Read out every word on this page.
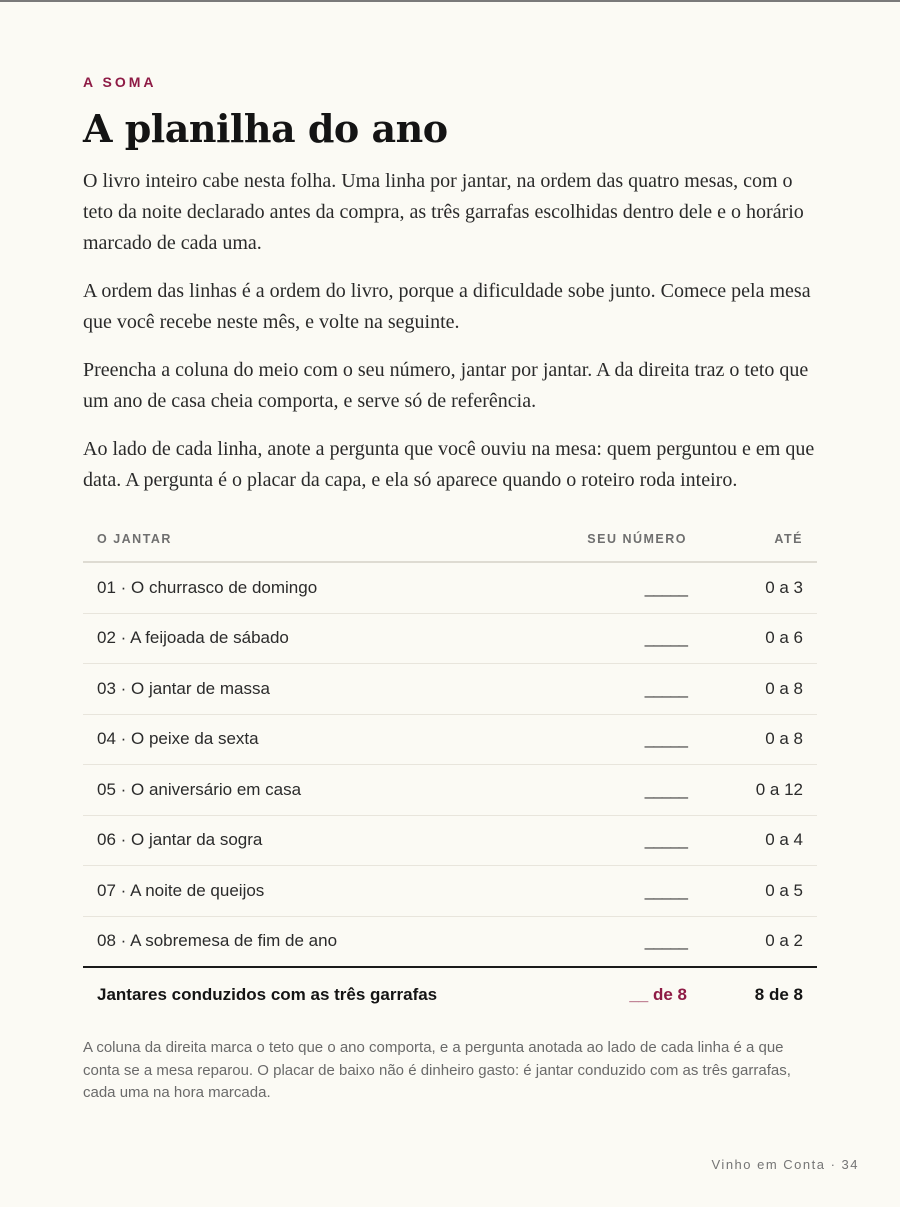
A SOMA
A planilha do ano

O livro inteiro cabe nesta folha. Uma linha por jantar, na ordem das quatro mesas, com o teto da noite declarado antes da compra, as três garrafas escolhidas dentro dele e o horário marcado de cada uma.

A ordem das linhas é a ordem do livro, porque a dificuldade sobe junto. Comece pela mesa que você recebe neste mês, e volte na seguinte.

Preencha a coluna do meio com o seu número, jantar por jantar. A da direita traz o teto que um ano de casa cheia comporta, e serve só de referência.

Ao lado de cada linha, anote a pergunta que você ouviu na mesa: quem perguntou e em que data. A pergunta é o placar da capa, e ela só aparece quando o roteiro roda inteiro.

O JANTAR	SEU NÚMERO	ATÉ
01 · O churrasco de domingo	_____	0 a 3
02 · A feijoada de sábado	_____	0 a 6
03 · O jantar de massa	_____	0 a 8
04 · O peixe da sexta	_____	0 a 8
05 · O aniversário em casa	_____	0 a 12
06 · O jantar da sogra	_____	0 a 4
07 · A noite de queijos	_____	0 a 5
08 · A sobremesa de fim de ano	_____	0 a 2
Jantares conduzidos com as três garrafas	__ de 8	8 de 8

A coluna da direita marca o teto que o ano comporta, e a pergunta anotada ao lado de cada linha é a que conta se a mesa reparou. O placar de baixo não é dinheiro gasto: é jantar conduzido com as três garrafas, cada uma na hora marcada.

Vinho em Conta · 34
